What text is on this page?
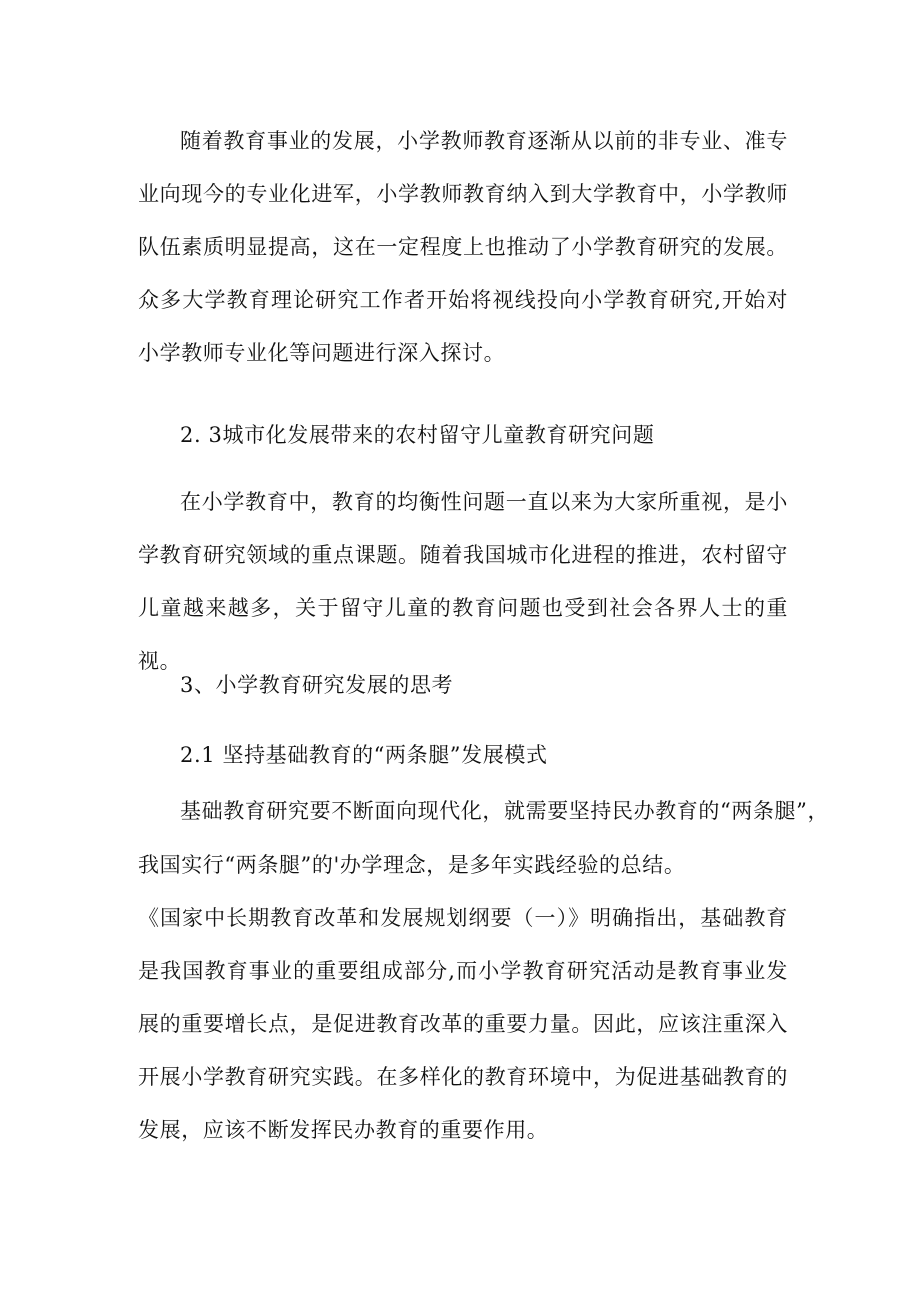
随着教育事业的发展，小学教师教育逐渐从以前的非专业、准专业向现今的专业化进军，小学教师教育纳入到大学教育中，小学教师队伍素质明显提高，这在一定程度上也推动了小学教育研究的发展。众多大学教育理论研究工作者开始将视线投向小学教育研究,开始对小学教师专业化等问题进行深入探讨。

2. 3城市化发展带来的农村留守儿童教育研究问题

在小学教育中，教育的均衡性问题一直以来为大家所重视，是小学教育研究领域的重点课题。随着我国城市化进程的推进，农村留守儿童越来越多，关于留守儿童的教育问题也受到社会各界人士的重视。

3、小学教育研究发展的思考

2.1 坚持基础教育的“两条腿”发展模式

基础教育研究要不断面向现代化，就需要坚持民办教育的“两条腿”，

我国实行“两条腿”的'办学理念，是多年实践经验的总结。

《国家中长期教育改革和发展规划纲要（一）》明确指出，基础教育是我国教育事业的重要组成部分,而小学教育研究活动是教育事业发展的重要增长点，是促进教育改革的重要力量。因此，应该注重深入开展小学教育研究实践。在多样化的教育环境中，为促进基础教育的发展，应该不断发挥民办教育的重要作用。
